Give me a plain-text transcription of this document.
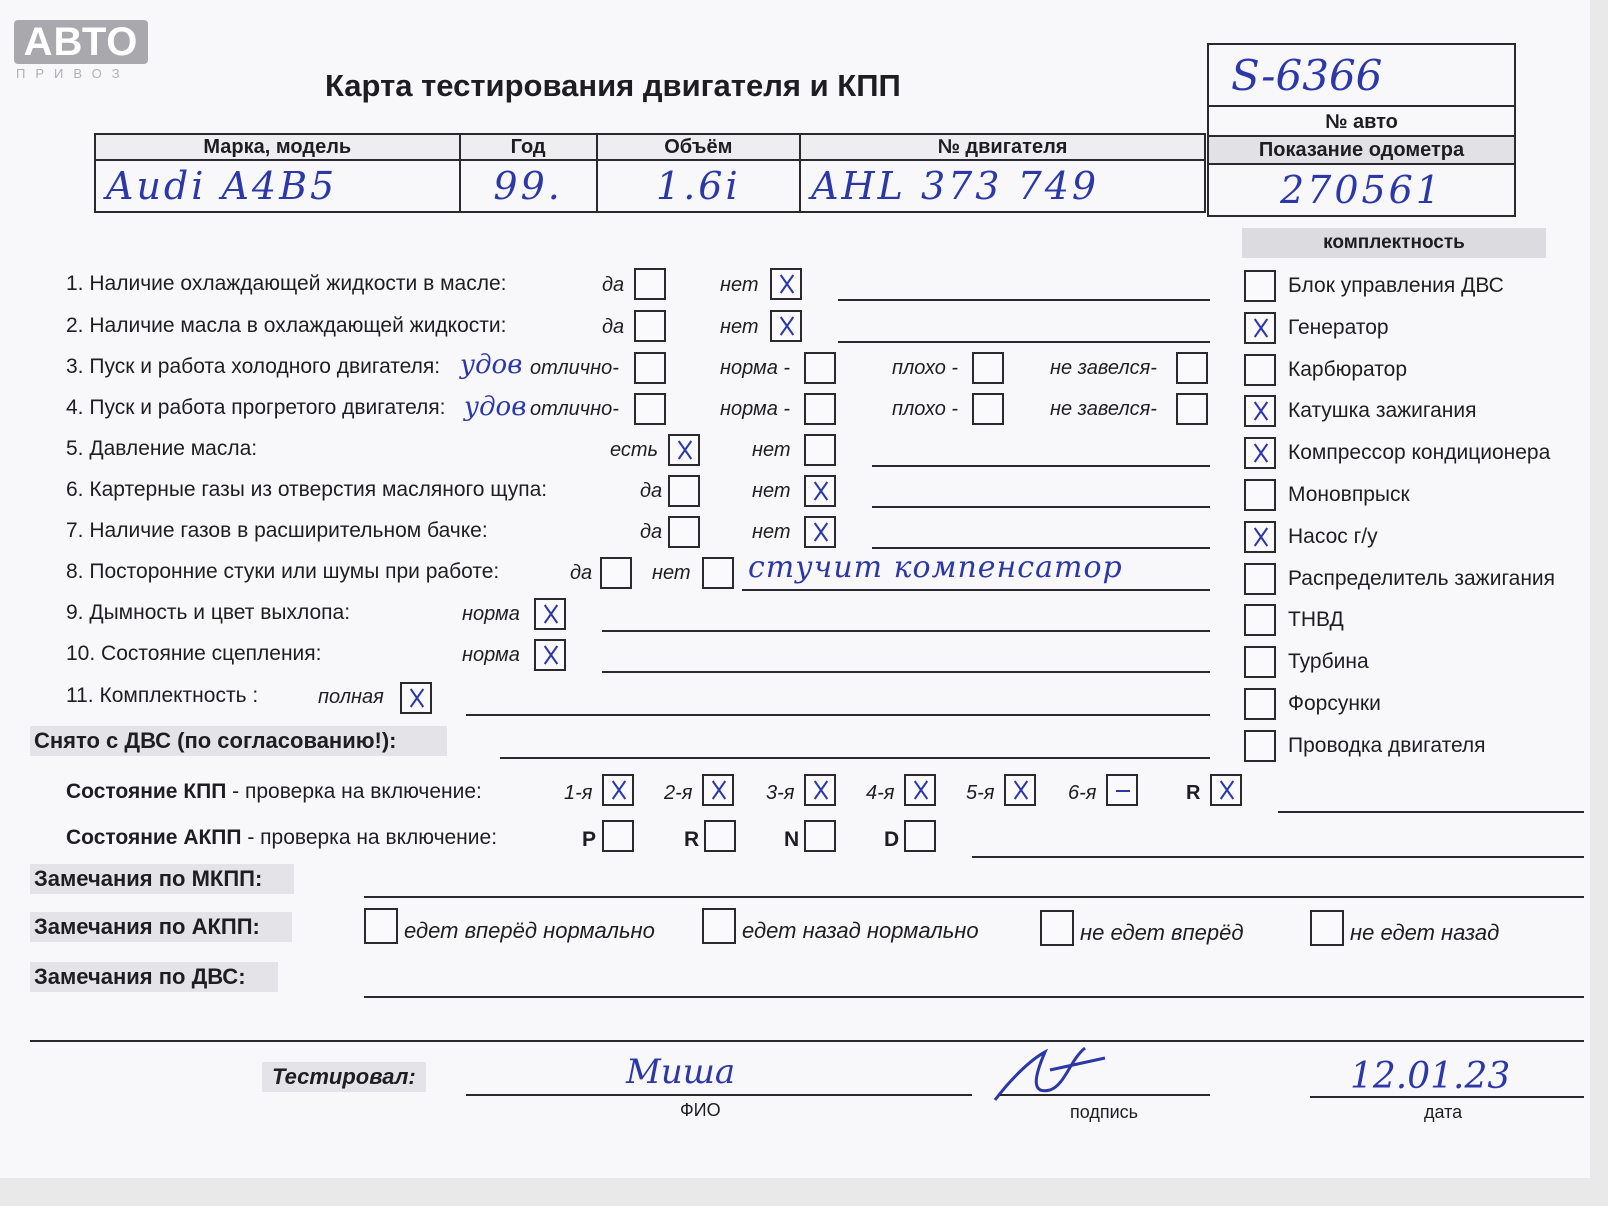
АВТО
ПРИВОЗ	Карта тестирования двигателя и КПП	S-6366
№ авто
Показание одометра
270561
Марка, модель	Год	Объём	№ двигателя
Audi A4B5	99.	1.6i	AHL 373 749
комплектность
Блок управления ДВС
Генератор
Карбюратор
Катушка зажигания
Компрессор кондиционера
Моновпрыск
Насос г/у
Распределитель зажигания
ТНВД
Турбина
Форсунки
Проводка двигателя
1. Наличие охлаждающей жидкости в масле:	да	нет
2. Наличие масла в охлаждающей жидкости:	да	нет
3. Пуск и работа холодного двигателя: удов отлично-	норма -	плохо -	не завелся-
4. Пуск и работа прогретого двигателя: удов отлично-	норма -	плохо -	не завелся-
5. Давление масла:	есть	нет
6. Картерные газы из отверстия масляного щупа:	да	нет
7. Наличие газов в расширительном бачке:	да	нет
8. Посторонние стуки или шумы при работе:	да	нет стучит компенсатор
9. Дымность и цвет выхлопа:	норма
10. Состояние сцепления:	норма
11. Комплектность :	полная
Снято с ДВС (по согласованию!):
Состояние КПП - проверка на включение:	1-я	2-я	3-я	4-я	5-я	6-я	R
Состояние АКПП - проверка на включение:	P	R	N	D
Замечания по МКПП:
Замечания по АКПП:	едет вперёд нормально	едет назад нормально	не едет вперёд	не едет назад
Замечания по ДВС:
Тестировал:	Миша
ФИО	подпись
12.01.23
дата
